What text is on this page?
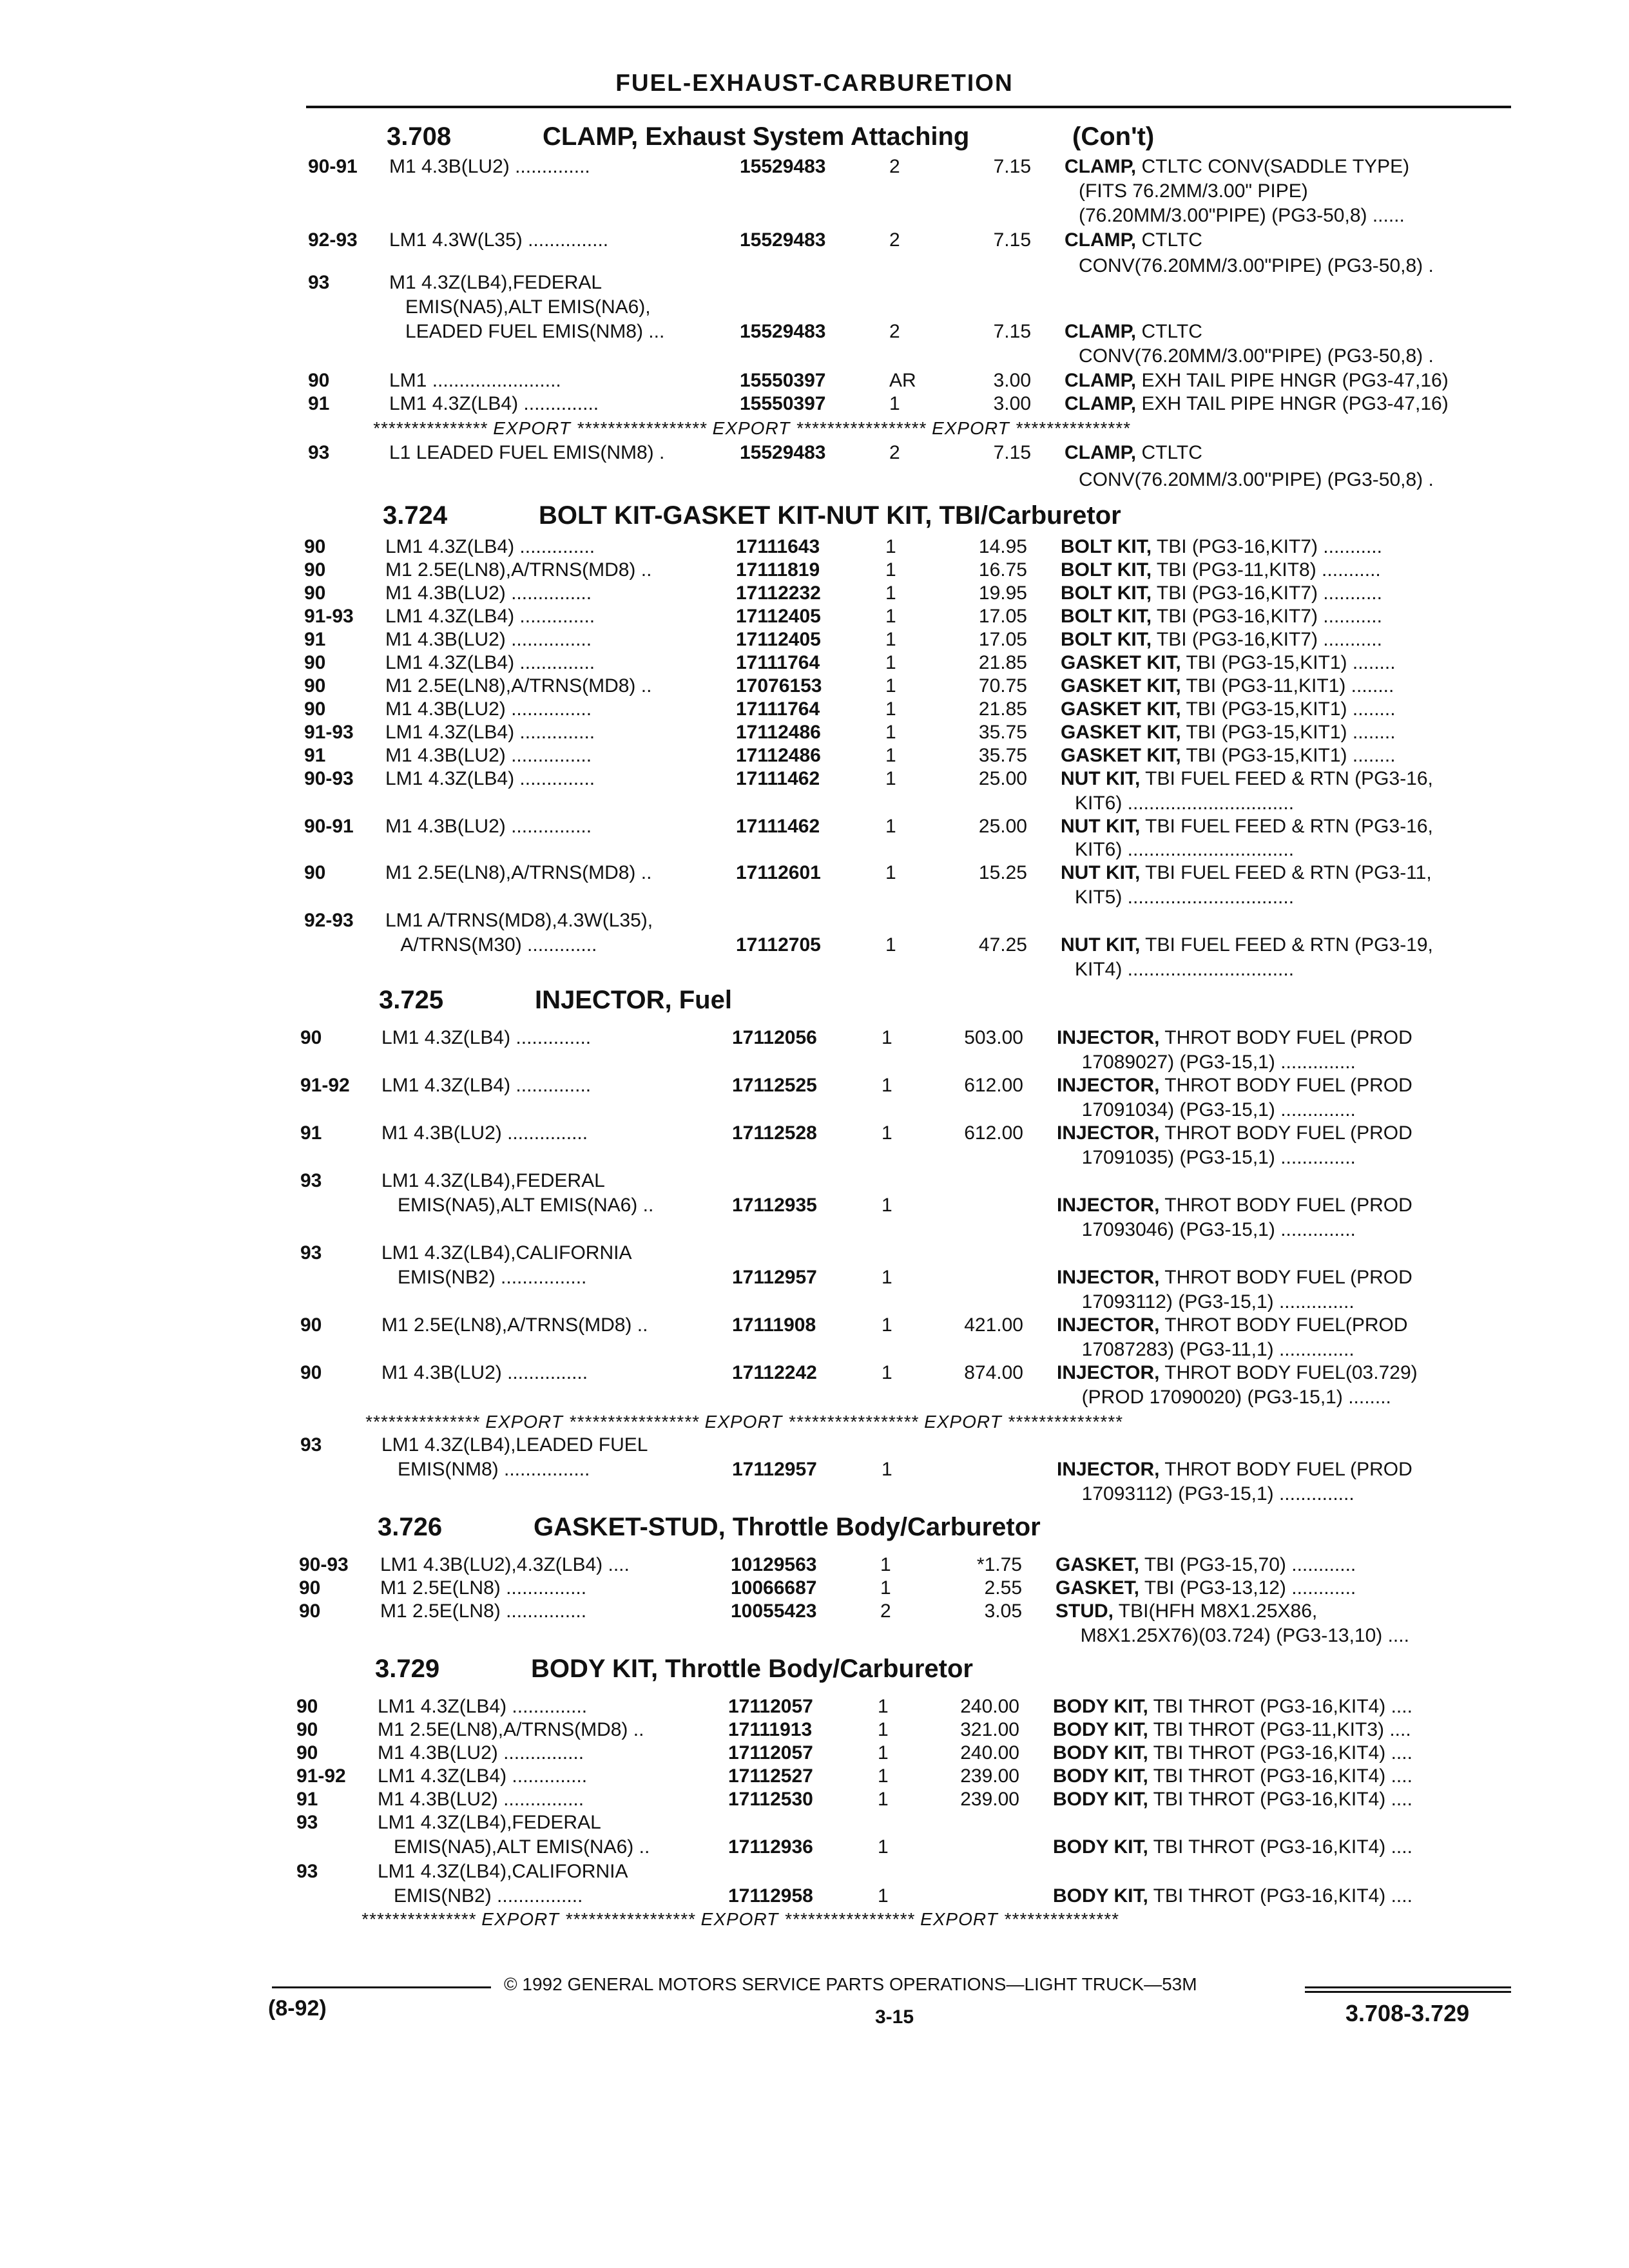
FUEL-EXHAUST-CARBURETION
3.708	CLAMP, Exhaust System Attaching	(Con't)
90-91 M1 4.3B(LU2) ..............	15529483	2	7.15 CLAMP, CTLTC CONV(SADDLE TYPE)
(FITS 76.2MM/3.00" PIPE)
(76.20MM/3.00"PIPE) (PG3-50,8) ......
92-93 LM1 4.3W(L35) ...............	15529483	2	7.15 CLAMP, CTLTC
CONV(76.20MM/3.00"PIPE) (PG3-50,8) .
93	M1 4.3Z(LB4),FEDERAL
EMIS(NA5),ALT EMIS(NA6),
LEADED FUEL EMIS(NM8) ...	15529483	2	7.15 CLAMP, CTLTC
CONV(76.20MM/3.00"PIPE) (PG3-50,8) .
90	LM1 ........................	15550397	AR	3.00 CLAMP, EXH TAIL PIPE HNGR (PG3-47,16)
91	LM1 4.3Z(LB4) ..............	15550397	1	3.00 CLAMP, EXH TAIL PIPE HNGR (PG3-47,16)
*************** EXPORT ***************** EXPORT ***************** EXPORT ***************
93	L1 LEADED FUEL EMIS(NM8) .	15529483	2	7.15 CLAMP, CTLTC
CONV(76.20MM/3.00"PIPE) (PG3-50,8) .
3.724	BOLT KIT-GASKET KIT-NUT KIT, TBI/Carburetor
90	LM1 4.3Z(LB4) ..............	17111643	1	14.95 BOLT KIT, TBI (PG3-16,KIT7) ...........
90	M1 2.5E(LN8),A/TRNS(MD8) ..	17111819	1	16.75 BOLT KIT, TBI (PG3-11,KIT8) ...........
90	M1 4.3B(LU2) ...............	17112232	1	19.95 BOLT KIT, TBI (PG3-16,KIT7) ...........
91-93 LM1 4.3Z(LB4) ..............	17112405	1	17.05 BOLT KIT, TBI (PG3-16,KIT7) ...........
91	M1 4.3B(LU2) ...............	17112405	1	17.05 BOLT KIT, TBI (PG3-16,KIT7) ...........
90	LM1 4.3Z(LB4) ..............	17111764	1	21.85 GASKET KIT, TBI (PG3-15,KIT1) ........
90	M1 2.5E(LN8),A/TRNS(MD8) ..	17076153	1	70.75 GASKET KIT, TBI (PG3-11,KIT1) ........
90	M1 4.3B(LU2) ...............	17111764	1	21.85 GASKET KIT, TBI (PG3-15,KIT1) ........
91-93 LM1 4.3Z(LB4) ..............	17112486	1	35.75 GASKET KIT, TBI (PG3-15,KIT1) ........
91	M1 4.3B(LU2) ...............	17112486	1	35.75 GASKET KIT, TBI (PG3-15,KIT1) ........
90-93 LM1 4.3Z(LB4) ..............	17111462	1	25.00 NUT KIT, TBI FUEL FEED & RTN (PG3-16,
KIT6) ...............................
90-91 M1 4.3B(LU2) ...............	17111462	1	25.00 NUT KIT, TBI FUEL FEED & RTN (PG3-16,
KIT6) ...............................
90	M1 2.5E(LN8),A/TRNS(MD8) ..	17112601	1	15.25 NUT KIT, TBI FUEL FEED & RTN (PG3-11,
KIT5) ...............................
92-93 LM1 A/TRNS(MD8),4.3W(L35),
A/TRNS(M30) .............	17112705	1	47.25 NUT KIT, TBI FUEL FEED & RTN (PG3-19,
KIT4) ...............................
3.725	INJECTOR, Fuel
90	LM1 4.3Z(LB4) ..............	17112056	1	503.00 INJECTOR, THROT BODY FUEL (PROD
17089027) (PG3-15,1) ..............
91-92 LM1 4.3Z(LB4) ..............	17112525	1	612.00 INJECTOR, THROT BODY FUEL (PROD
17091034) (PG3-15,1) ..............
91	M1 4.3B(LU2) ...............	17112528	1	612.00 INJECTOR, THROT BODY FUEL (PROD
17091035) (PG3-15,1) ..............
93	LM1 4.3Z(LB4),FEDERAL
EMIS(NA5),ALT EMIS(NA6) ..	17112935	1	INJECTOR, THROT BODY FUEL (PROD
17093046) (PG3-15,1) ..............
93	LM1 4.3Z(LB4),CALIFORNIA
EMIS(NB2) ................	17112957	1	INJECTOR, THROT BODY FUEL (PROD
17093112) (PG3-15,1) ..............
90	M1 2.5E(LN8),A/TRNS(MD8) ..	17111908	1	421.00 INJECTOR, THROT BODY FUEL(PROD
17087283) (PG3-11,1) ..............
90	M1 4.3B(LU2) ...............	17112242	1	874.00 INJECTOR, THROT BODY FUEL(03.729)
(PROD 17090020) (PG3-15,1) ........
*************** EXPORT ***************** EXPORT ***************** EXPORT ***************
93	LM1 4.3Z(LB4),LEADED FUEL
EMIS(NM8) ................	17112957	1	INJECTOR, THROT BODY FUEL (PROD
17093112) (PG3-15,1) ..............
3.726	GASKET-STUD, Throttle Body/Carburetor
90-93 LM1 4.3B(LU2),4.3Z(LB4) ....	10129563	1	*1.75 GASKET, TBI (PG3-15,70) ............
90	M1 2.5E(LN8) ...............	10066687	1	2.55 GASKET, TBI (PG3-13,12) ............
90	M1 2.5E(LN8) ...............	10055423	2	3.05 STUD, TBI(HFH M8X1.25X86,
M8X1.25X76)(03.724) (PG3-13,10) ....
3.729	BODY KIT, Throttle Body/Carburetor
90	LM1 4.3Z(LB4) ..............	17112057	1	240.00 BODY KIT, TBI THROT (PG3-16,KIT4) ....
90	M1 2.5E(LN8),A/TRNS(MD8) ..	17111913	1	321.00 BODY KIT, TBI THROT (PG3-11,KIT3) ....
90	M1 4.3B(LU2) ...............	17112057	1	240.00 BODY KIT, TBI THROT (PG3-16,KIT4) ....
91-92 LM1 4.3Z(LB4) ..............	17112527	1	239.00 BODY KIT, TBI THROT (PG3-16,KIT4) ....
91	M1 4.3B(LU2) ...............	17112530	1	239.00 BODY KIT, TBI THROT (PG3-16,KIT4) ....
93	LM1 4.3Z(LB4),FEDERAL
EMIS(NA5),ALT EMIS(NA6) ..	17112936	1	BODY KIT, TBI THROT (PG3-16,KIT4) ....
93	LM1 4.3Z(LB4),CALIFORNIA
EMIS(NB2) ................	17112958	1	BODY KIT, TBI THROT (PG3-16,KIT4) ....
*************** EXPORT ***************** EXPORT ***************** EXPORT ***************
© 1992 GENERAL MOTORS SERVICE PARTS OPERATIONS—LIGHT TRUCK—53M
(8-92)	3-15	3.708-3.729
